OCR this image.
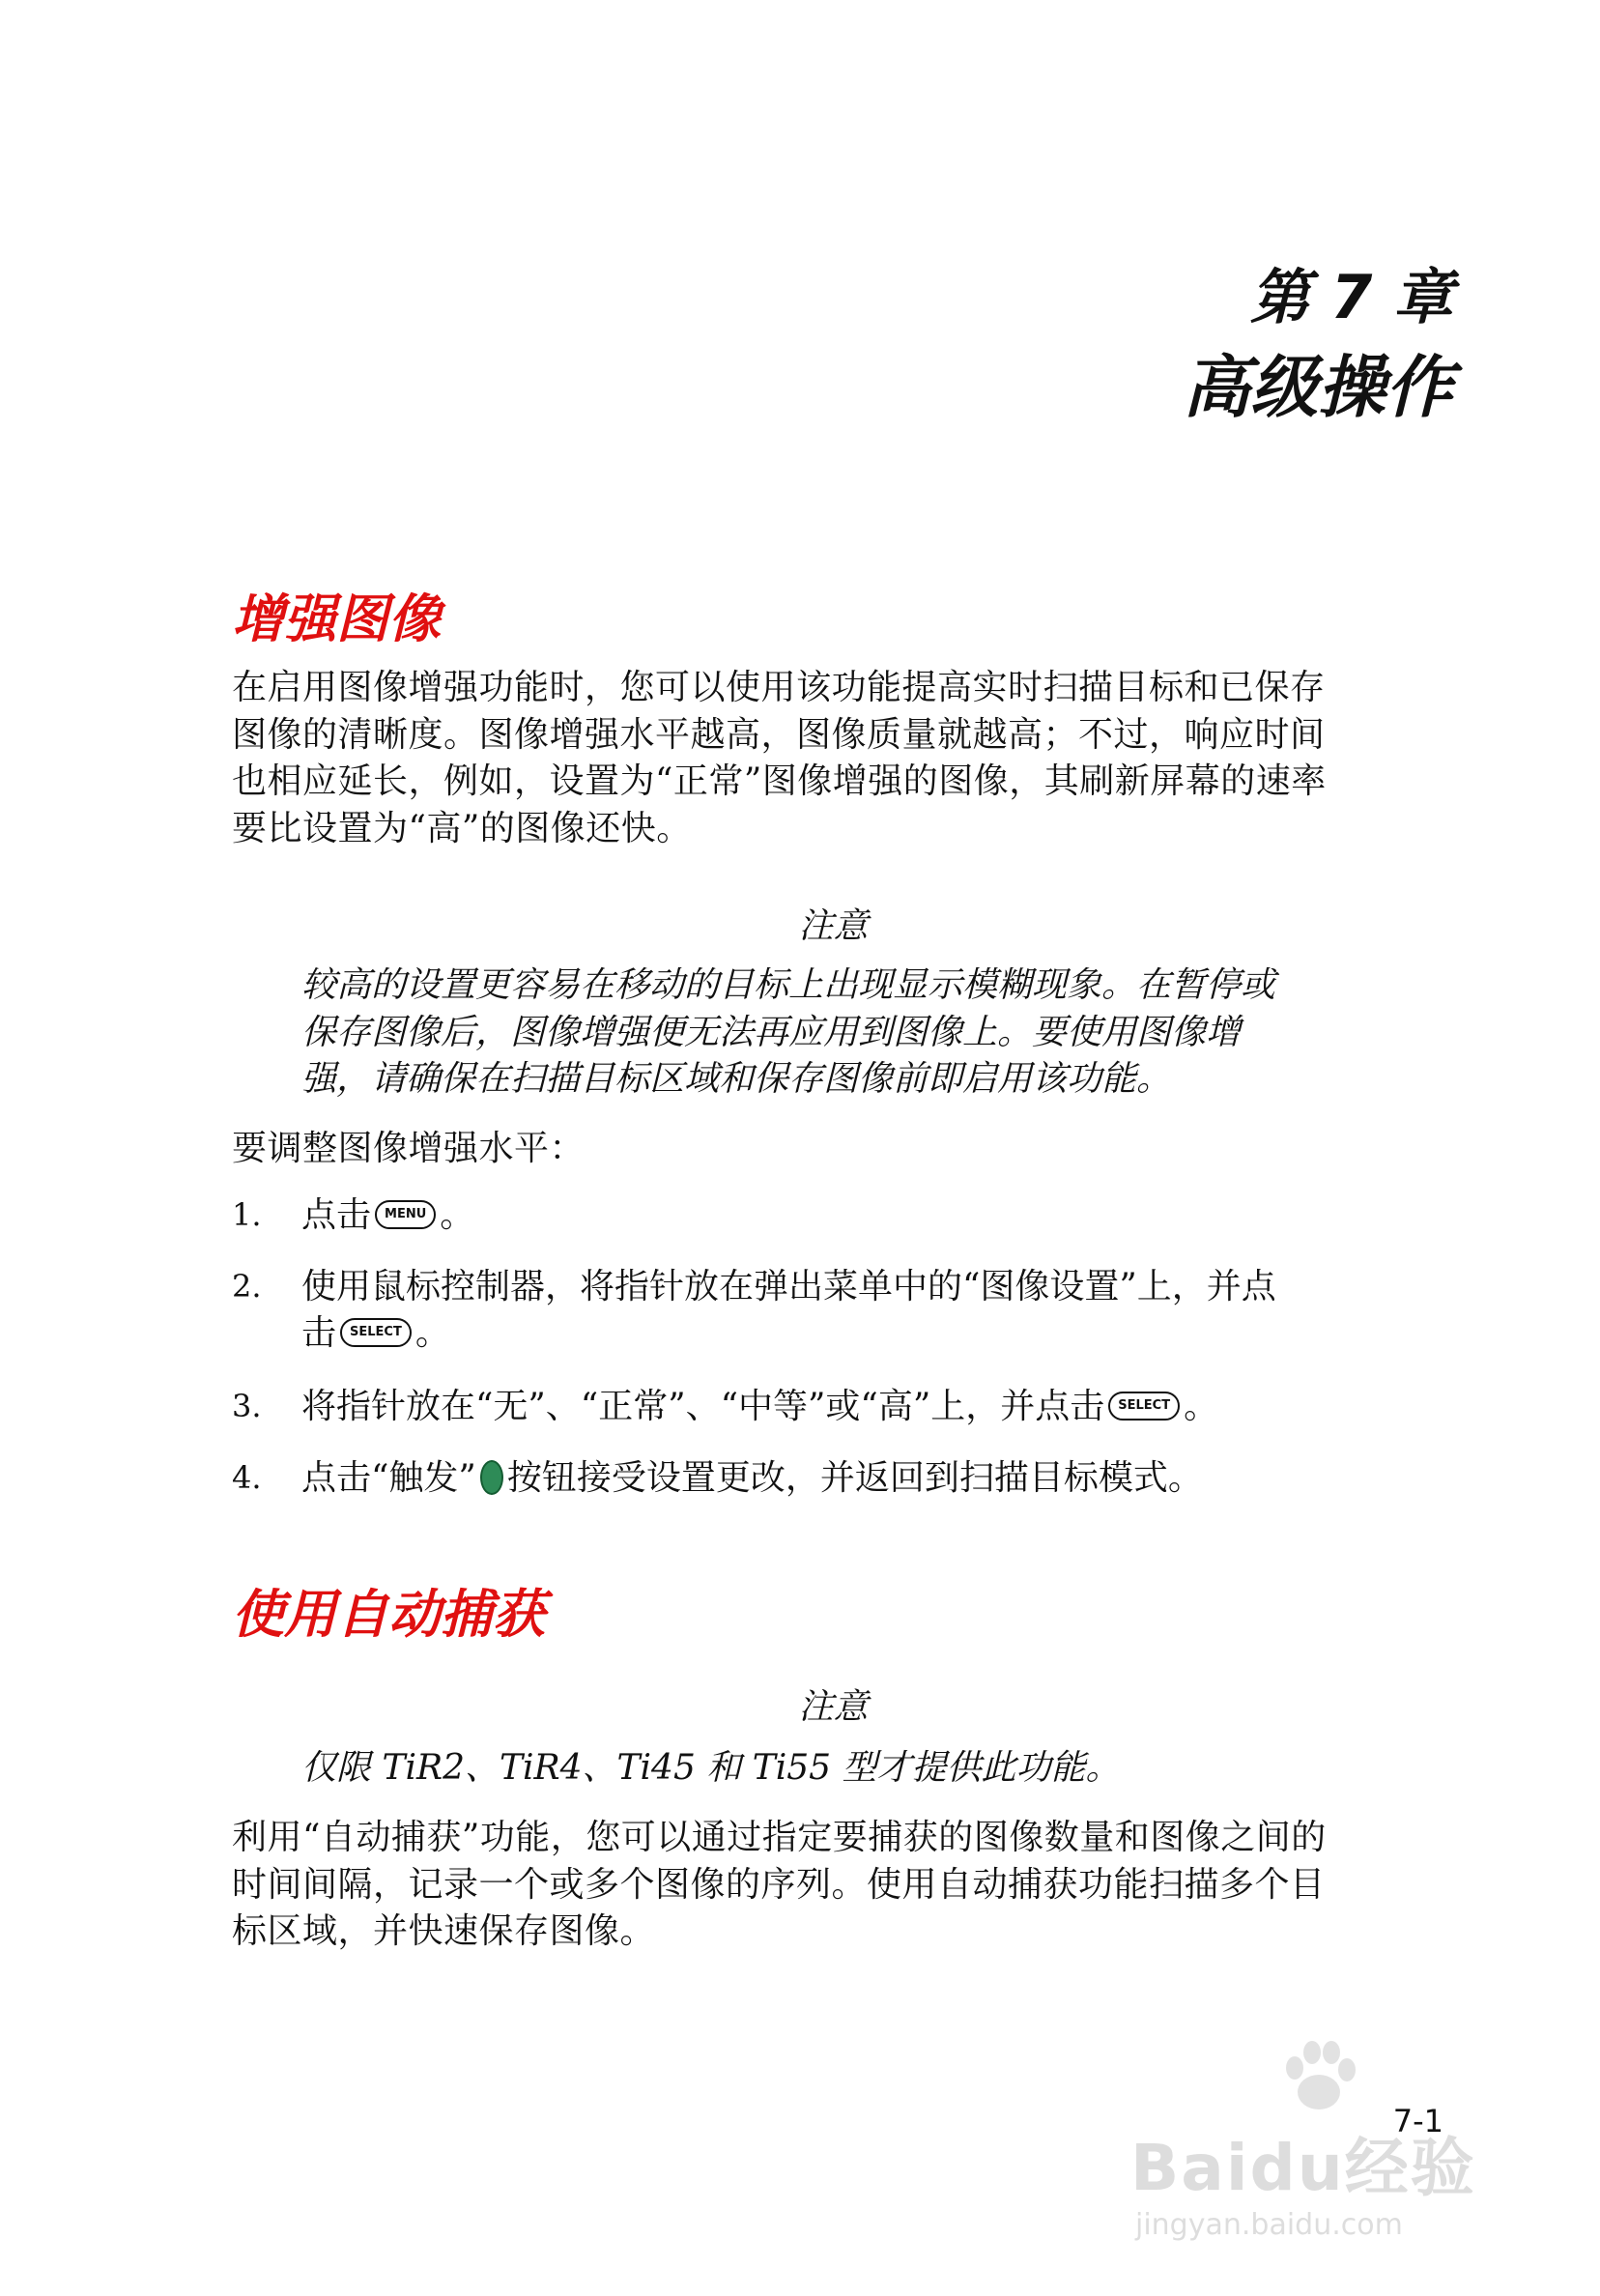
第 7 章
高级操作
增强图像
在启用图像增强功能时，您可以使用该功能提高实时扫描目标和已保存
图像的清晰度。图像增强水平越高，图像质量就越高；不过，响应时间
也相应延长，例如，设置为“正常”图像增强的图像，其刷新屏幕的速率
要比设置为“高”的图像还快。
注意
较高的设置更容易在移动的目标上出现显示模糊现象。在暂停或
保存图像后，图像增强便无法再应用到图像上。要使用图像增
强，请确保在扫描目标区域和保存图像前即启用该功能。
要调整图像增强水平：
1. 点击 MENU 。
2. 使用鼠标控制器，将指针放在弹出菜单中的“图像设置”上，并点
击 SELECT 。
3. 将指针放在“无”、“正常”、“中等”或“高”上，并点击 SELECT 。
4. 点击“触发” 按钮接受设置更改，并返回到扫描目标模式。
使用自动捕获
注意
仅限 TiR2、TiR4、Ti45 和 Ti55 型才提供此功能。
利用“自动捕获”功能，您可以通过指定要捕获的图像数量和图像之间的
时间间隔，记录一个或多个图像的序列。使用自动捕获功能扫描多个目
标区域，并快速保存图像。
Baidu经验
jingyan.baidu.com
7-1
